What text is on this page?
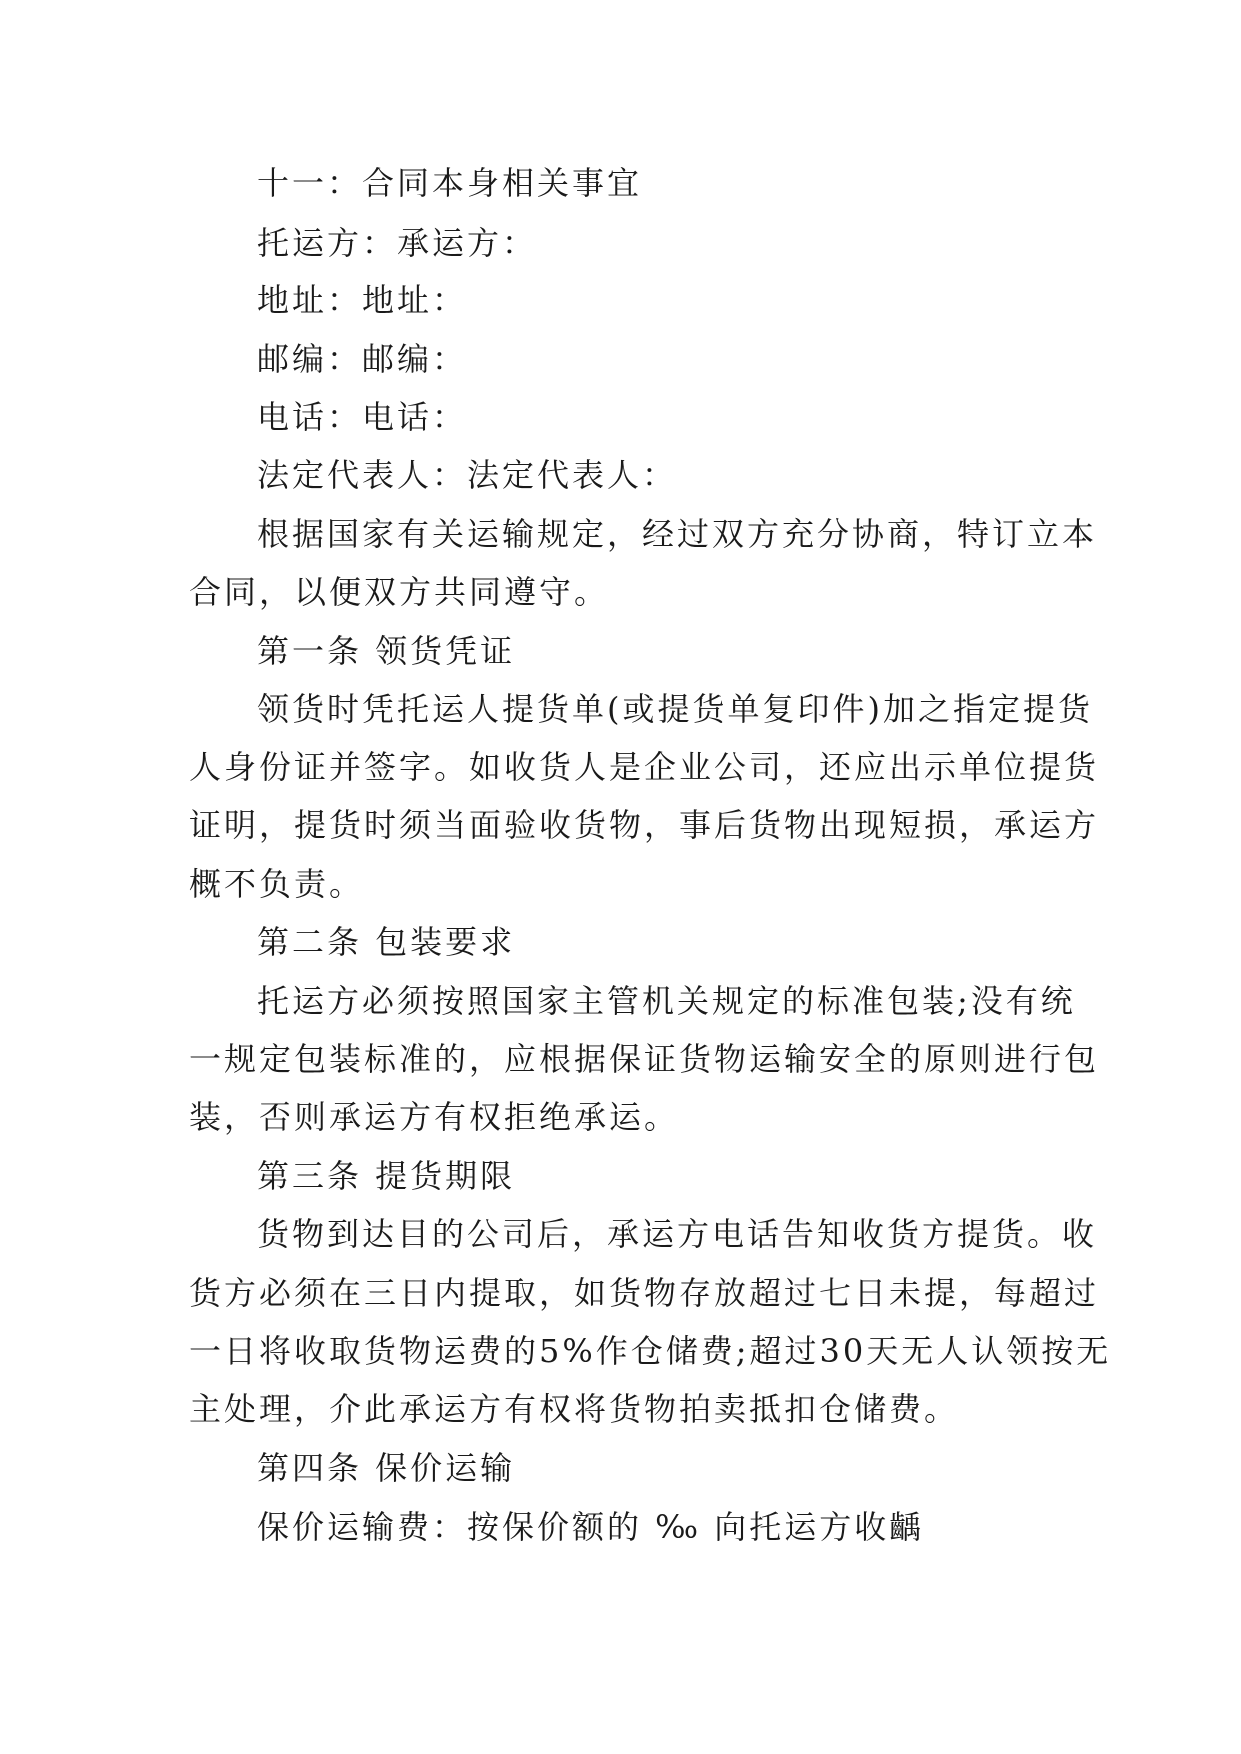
十一：合同本身相关事宜
托运方：承运方：
地址：地址：
邮编：邮编：
电话：电话：
法定代表人：法定代表人：
根据国家有关运输规定，经过双方充分协商，特订立本
合同，以便双方共同遵守。
第一条 领货凭证
领货时凭托运人提货单(或提货单复印件)加之指定提货
人身份证并签字。如收货人是企业公司，还应出示单位提货
证明，提货时须当面验收货物，事后货物出现短损，承运方
概不负责。
第二条 包装要求
托运方必须按照国家主管机关规定的标准包装;没有统
一规定包装标准的，应根据保证货物运输安全的原则进行包
装，否则承运方有权拒绝承运。
第三条 提货期限
货物到达目的公司后，承运方电话告知收货方提货。收
货方必须在三日内提取，如货物存放超过七日未提，每超过
一日将收取货物运费的5%作仓储费;超过30天无人认领按无
主处理，介此承运方有权将货物拍卖抵扣仓储费。
第四条 保价运输
保价运输费：按保价额的 ‰ 向托运方收齲
